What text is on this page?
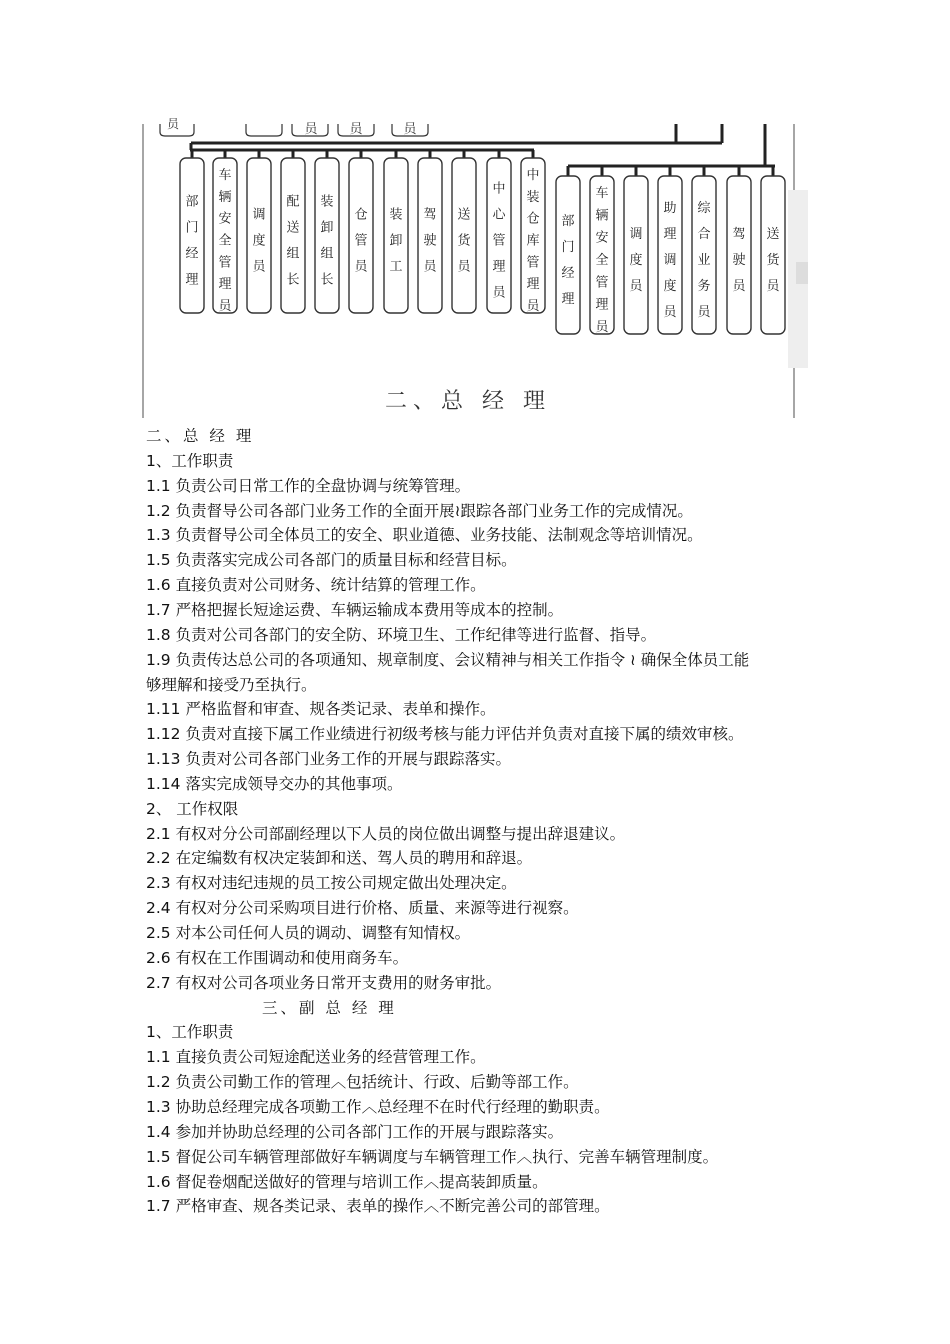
员 员	员
员
部
门
经
理
车
辆
安
全
管
理
员
调
度
员
配
送
组
长
装
卸
组
长
仓
管
员
装
卸
工
驾
驶
员
送
货
员
中
心
管
理
员
中
装
仓
库
管
理
员
部
门
经
理
车
辆
安
全
管
理
员
调
度
员
助
理
调
度
员
综
合
业
务
员
驾
驶
员
送
货
员
二、总 经 理
二、总 经 理
1、工作职责
1.1 负责公司日常工作的全盘协调与统筹管理。
1.2 负责督导公司各部门业务工作的全面开展≀跟踪各部门业务工作的完成情况。
1.3 负责督导公司全体员工的安全、职业道德、业务技能、法制观念等培训情况。
1.5 负责落实完成公司各部门的质量目标和经营目标。
1.6 直接负责对公司财务、统计结算的管理工作。
1.7 严格把握长短途运费、车辆运输成本费用等成本的控制。
1.8 负责对公司各部门的安全防、环境卫生、工作纪律等进行监督、指导。
1.9 负责传达总公司的各项通知、规章制度、会议精神与相关工作指令 ≀ 确保全体员工能
够理解和接受乃至执行。
1.11 严格监督和审查、规各类记录、表单和操作。
1.12 负责对直接下属工作业绩进行初级考核与能力评估并负责对直接下属的绩效审核。
1.13 负责对公司各部门业务工作的开展与跟踪落实。
1.14 落实完成领导交办的其他事项。
2、 工作权限
2.1 有权对分公司部副经理以下人员的岗位做出调整与提出辞退建议。
2.2 在定编数有权决定装卸和送、驾人员的聘用和辞退。
2.3 有权对违纪违规的员工按公司规定做出处理决定。
2.4 有权对分公司采购项目进行价格、质量、来源等进行视察。
2.5 对本公司任何人员的调动、调整有知情权。
2.6 有权在工作围调动和使用商务车。
2.7 有权对公司各项业务日常开支费用的财务审批。
三、副 总 经 理
1、工作职责
1.1 直接负责公司短途配送业务的经营管理工作。
1.2 负责公司勤工作的管理︿包括统计、行政、后勤等部工作。
1.3 协助总经理完成各项勤工作︿总经理不在时代行经理的勤职责。
1.4 参加并协助总经理的公司各部门工作的开展与跟踪落实。
1.5 督促公司车辆管理部做好车辆调度与车辆管理工作︿执行、完善车辆管理制度。
1.6 督促卷烟配送做好的管理与培训工作︿提高装卸质量。
1.7 严格审查、规各类记录、表单的操作︿不断完善公司的部管理。
